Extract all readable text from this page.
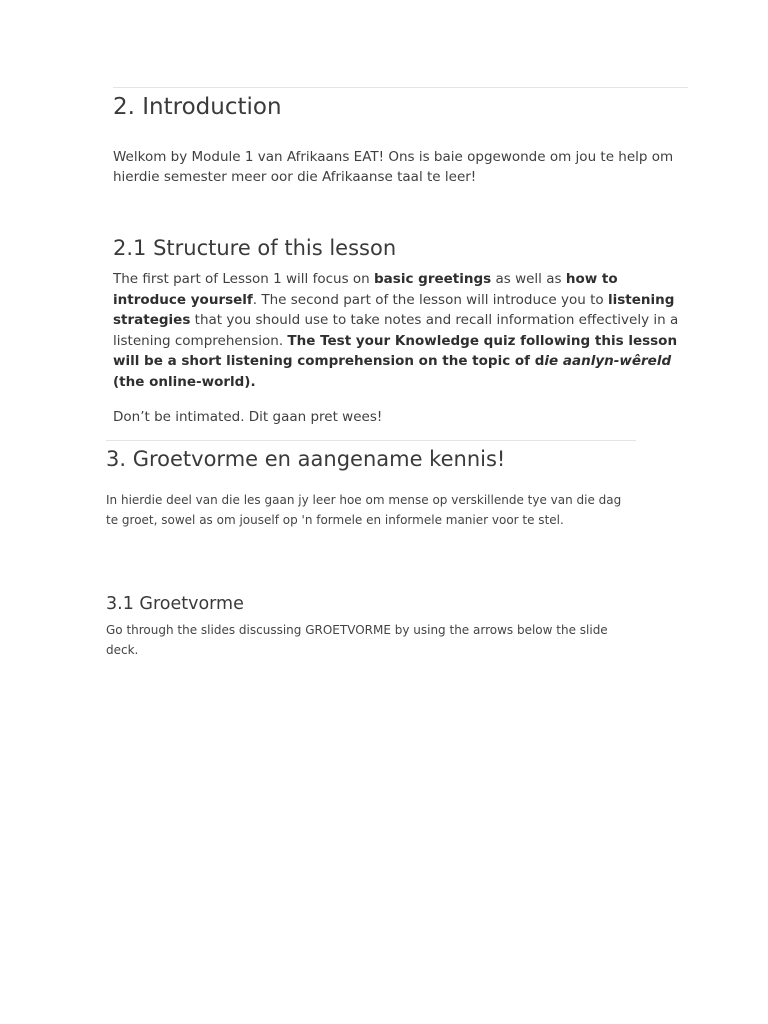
2. Introduction

Welkom by Module 1 van Afrikaans EAT! Ons is baie opgewonde om jou te help om hierdie semester meer oor die Afrikaanse taal te leer!

2.1 Structure of this lesson

The first part of Lesson 1 will focus on basic greetings as well as how to introduce yourself. The second part of the lesson will introduce you to listening strategies that you should use to take notes and recall information effectively in a listening comprehension. The Test your Knowledge quiz following this lesson will be a short listening comprehension on the topic of die aanlyn-wêreld (the online-world).

Don’t be intimated. Dit gaan pret wees!

3. Groetvorme en aangename kennis!

In hierdie deel van die les gaan jy leer hoe om mense op verskillende tye van die dag te groet, sowel as om jouself op 'n formele en informele manier voor te stel.

3.1 Groetvorme

Go through the slides discussing GROETVORME by using the arrows below the slide deck.
